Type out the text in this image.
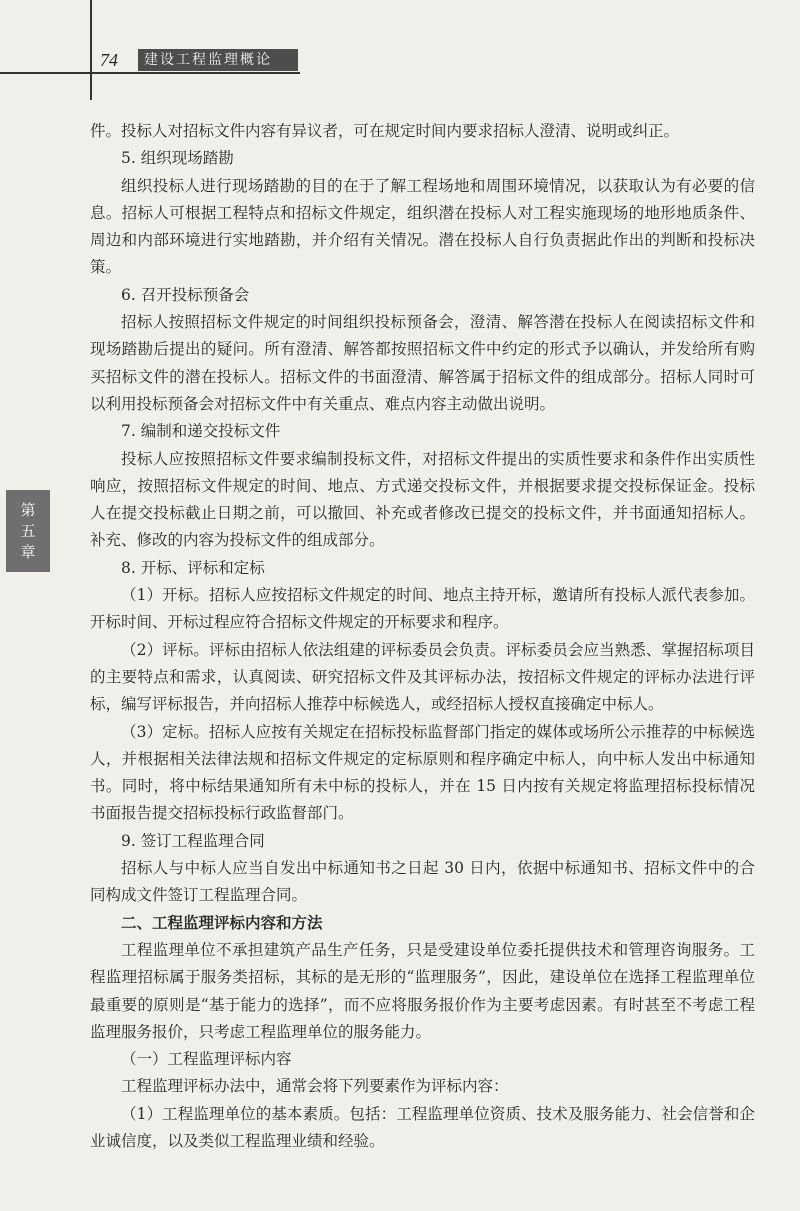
74	建设工程监理概论
第
五
章

件。投标人对招标文件内容有异议者，可在规定时间内要求招标人澄清、说明或纠正。

5. 组织现场踏勘

组织投标人进行现场踏勘的目的在于了解工程场地和周围环境情况，以获取认为有必要的信息。招标人可根据工程特点和招标文件规定，组织潜在投标人对工程实施现场的地形地质条件、周边和内部环境进行实地踏勘，并介绍有关情况。潜在投标人自行负责据此作出的判断和投标决策。

6. 召开投标预备会

招标人按照招标文件规定的时间组织投标预备会，澄清、解答潜在投标人在阅读招标文件和现场踏勘后提出的疑问。所有澄清、解答都按照招标文件中约定的形式予以确认，并发给所有购买招标文件的潜在投标人。招标文件的书面澄清、解答属于招标文件的组成部分。招标人同时可以利用投标预备会对招标文件中有关重点、难点内容主动做出说明。

7. 编制和递交投标文件

投标人应按照招标文件要求编制投标文件，对招标文件提出的实质性要求和条件作出实质性响应，按照招标文件规定的时间、地点、方式递交投标文件，并根据要求提交投标保证金。投标人在提交投标截止日期之前，可以撤回、补充或者修改已提交的投标文件，并书面通知招标人。补充、修改的内容为投标文件的组成部分。

8. 开标、评标和定标

（1）开标。招标人应按招标文件规定的时间、地点主持开标，邀请所有投标人派代表参加。开标时间、开标过程应符合招标文件规定的开标要求和程序。

（2）评标。评标由招标人依法组建的评标委员会负责。评标委员会应当熟悉、掌握招标项目的主要特点和需求，认真阅读、研究招标文件及其评标办法，按招标文件规定的评标办法进行评标，编写评标报告，并向招标人推荐中标候选人，或经招标人授权直接确定中标人。

（3）定标。招标人应按有关规定在招标投标监督部门指定的媒体或场所公示推荐的中标候选人，并根据相关法律法规和招标文件规定的定标原则和程序确定中标人，向中标人发出中标通知书。同时，将中标结果通知所有未中标的投标人，并在 15 日内按有关规定将监理招标投标情况书面报告提交招标投标行政监督部门。

9. 签订工程监理合同

招标人与中标人应当自发出中标通知书之日起 30 日内，依据中标通知书、招标文件中的合同构成文件签订工程监理合同。

二、工程监理评标内容和方法

工程监理单位不承担建筑产品生产任务，只是受建设单位委托提供技术和管理咨询服务。工程监理招标属于服务类招标，其标的是无形的“监理服务”，因此，建设单位在选择工程监理单位最重要的原则是“基于能力的选择”，而不应将服务报价作为主要考虑因素。有时甚至不考虑工程监理服务报价，只考虑工程监理单位的服务能力。

（一）工程监理评标内容

工程监理评标办法中，通常会将下列要素作为评标内容：

（1）工程监理单位的基本素质。包括：工程监理单位资质、技术及服务能力、社会信誉和企业诚信度，以及类似工程监理业绩和经验。
